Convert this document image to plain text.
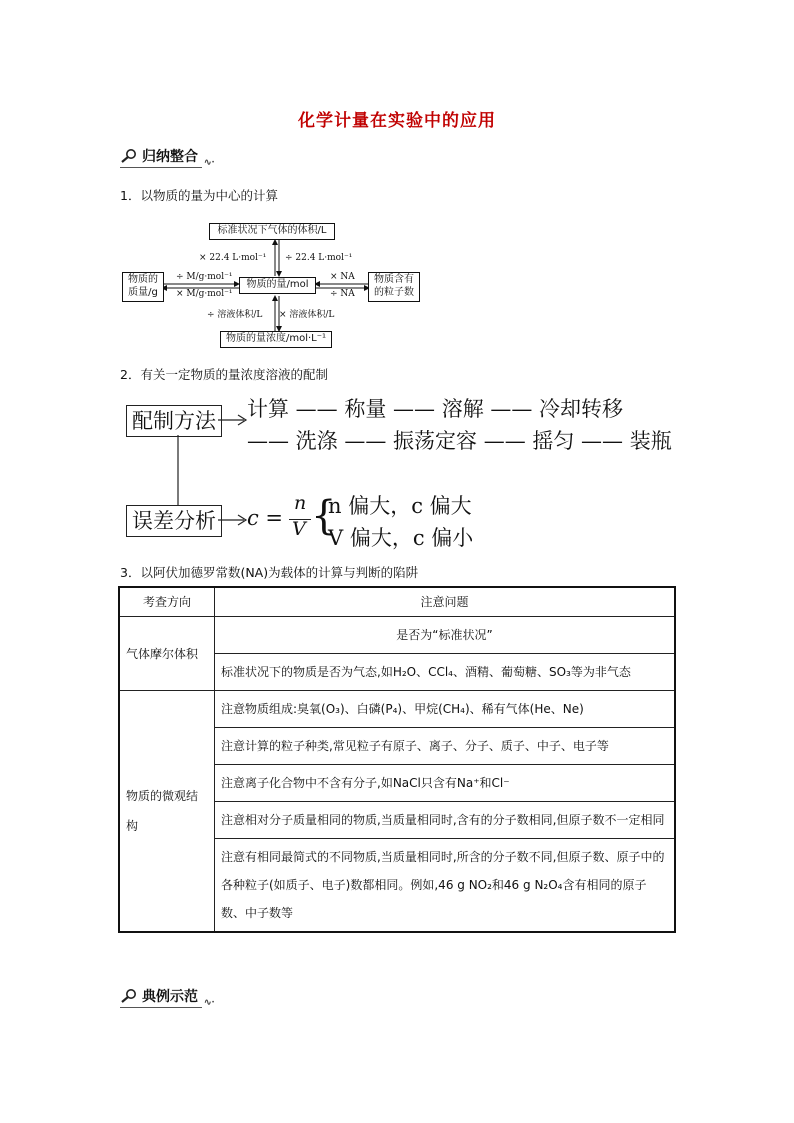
化学计量在实验中的应用
归纳整合 ∿·
1．以物质的量为中心的计算
标准状况下气体的体积/L
物质的量/mol
物质的
质量/g
物质含有
的粒子数
物质的量浓度/mol·L⁻¹
× 22.4 L·mol⁻¹ ÷ 22.4 L·mol⁻¹
÷ M/g·mol⁻¹
× M/g·mol⁻¹
× NA
÷ NA
÷ 溶液体积/L × 溶液体积/L
2．有关一定物质的量浓度溶液的配制
配制方法 计算 —— 称量 —— 溶解 —— 冷却转移
—— 洗涤 —— 振荡定容 —— 摇匀 —— 装瓶
误差分析 c =
n
V {
n 偏大，c 偏大
V 偏大，c 偏小
3．以阿伏加德罗常数(NA)为载体的计算与判断的陷阱
考查方向	注意问题
气体摩尔体积	是否为“标准状况”
	标准状况下的物质是否为气态,如H₂O、CCl₄、酒精、葡萄糖、SO₃等为非气态
物质的微观结构	注意物质组成:臭氧(O₃)、白磷(P₄)、甲烷(CH₄)、稀有气体(He、Ne)
	注意计算的粒子种类,常见粒子有原子、离子、分子、质子、中子、电子等
	注意离子化合物中不含有分子,如NaCl只含有Na⁺和Cl⁻
	注意相对分子质量相同的物质,当质量相同时,含有的分子数相同,但原子数不一定相同
	注意有相同最简式的不同物质,当质量相同时,所含的分子数不同,但原子数、原子中的各种粒子(如质子、电子)数都相同。例如,46 g NO₂和46 g N₂O₄含有相同的原子数、中子数等
典例示范 ∿·
